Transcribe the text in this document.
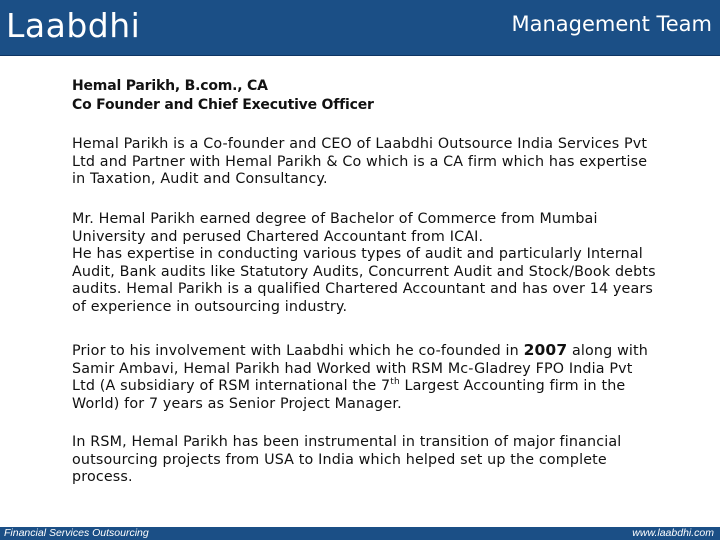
Laabdhi	Management Team
Hemal Parikh, B.com., CA
Co Founder and Chief Executive Officer
Hemal Parikh is a Co-founder and CEO of Laabdhi Outsource India Services Pvt
Ltd and Partner with Hemal Parikh & Co which is a CA firm which has expertise
in Taxation, Audit and Consultancy.
Mr. Hemal Parikh earned degree of Bachelor of Commerce from Mumbai
University and perused Chartered Accountant from ICAI.
He has expertise in conducting various types of audit and particularly Internal
Audit, Bank audits like Statutory Audits, Concurrent Audit and Stock/Book debts
audits. Hemal Parikh is a qualified Chartered Accountant and has over 14 years
of experience in outsourcing industry.
Prior to his involvement with Laabdhi which he co-founded in 2007 along with
Samir Ambavi, Hemal Parikh had Worked with RSM Mc-Gladrey FPO India Pvt
Ltd (A subsidiary of RSM international the 7th Largest Accounting firm in the
World) for 7 years as Senior Project Manager.
In RSM, Hemal Parikh has been instrumental in transition of major financial
outsourcing projects from USA to India which helped set up the complete
process.
Financial Services Outsourcing	www.laabdhi.com
